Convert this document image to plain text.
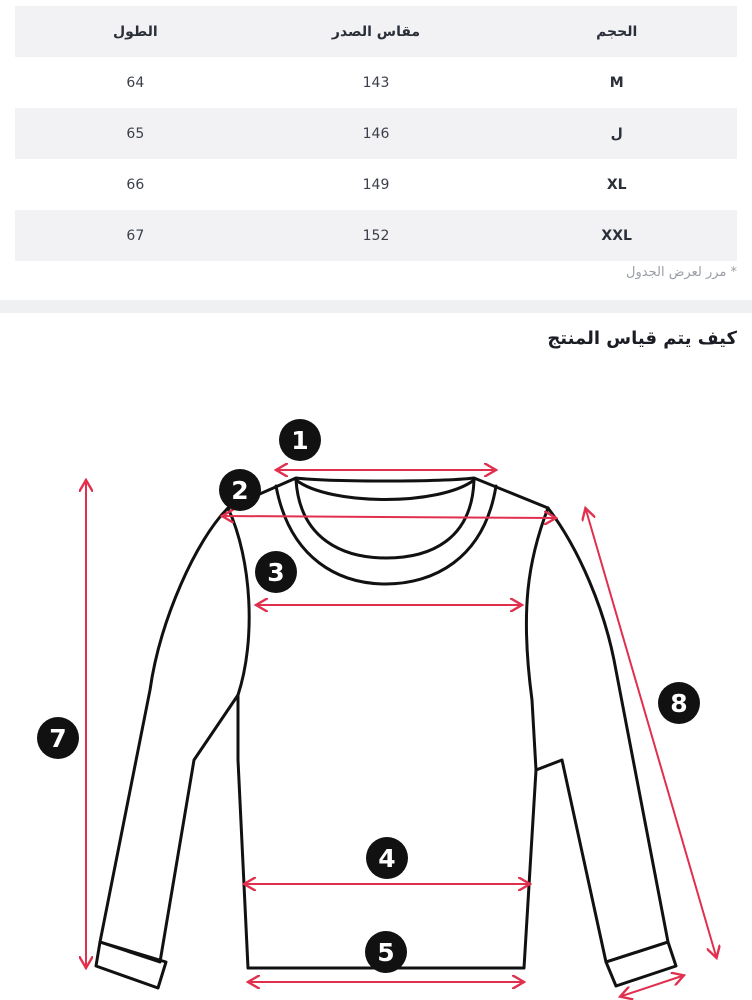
الحجم	مقاس الصدر	الطول
M	143	64
ل	146	65
XL	149	66
XXL	152	67
* مرر لعرض الجدول
كيف يتم قياس المنتج
1
2
3
4
5
7
8
